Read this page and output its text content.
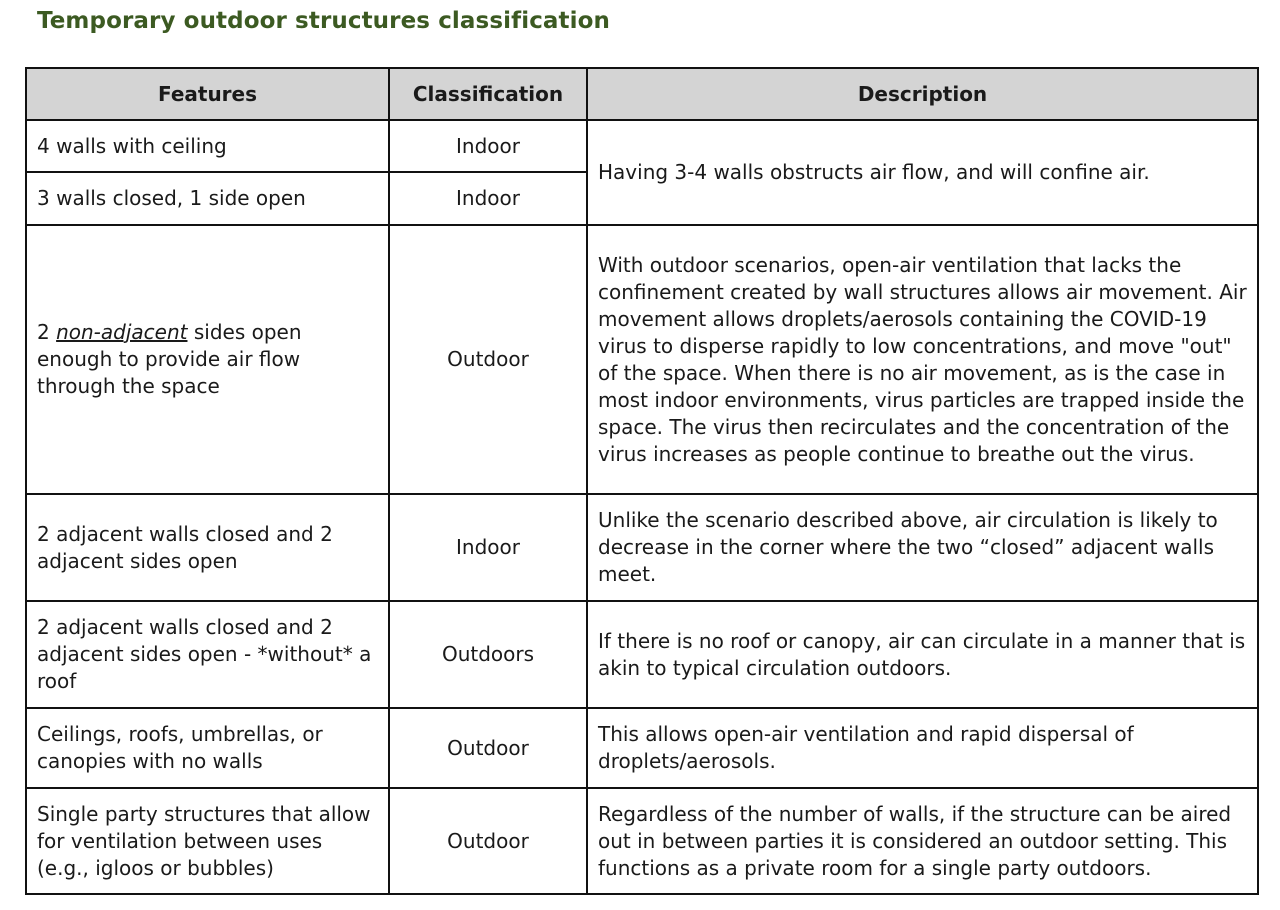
Temporary outdoor structures classification
Features	Classification	Description
4 walls with ceiling	Indoor	Having 3-4 walls obstructs air flow, and will confine air.
3 walls closed, 1 side open	Indoor	
2 non-adjacent sides open enough to provide air flow through the space	Outdoor	With outdoor scenarios, open-air ventilation that lacks the confinement created by wall structures allows air movement. Air movement allows droplets/aerosols containing the COVID-19 virus to disperse rapidly to low concentrations, and move "out" of the space. When there is no air movement, as is the case in most indoor environments, virus particles are trapped inside the space. The virus then recirculates and the concentration of the virus increases as people continue to breathe out the virus.
2 adjacent walls closed and 2 adjacent sides open	Indoor	Unlike the scenario described above, air circulation is likely to decrease in the corner where the two “closed” adjacent walls meet.
2 adjacent walls closed and 2 adjacent sides open - *without* a roof	Outdoors	If there is no roof or canopy, air can circulate in a manner that is akin to typical circulation outdoors.
Ceilings, roofs, umbrellas, or canopies with no walls	Outdoor	This allows open-air ventilation and rapid dispersal of droplets/aerosols.
Single party structures that allow for ventilation between uses (e.g., igloos or bubbles)	Outdoor	Regardless of the number of walls, if the structure can be aired out in between parties it is considered an outdoor setting. This functions as a private room for a single party outdoors.
